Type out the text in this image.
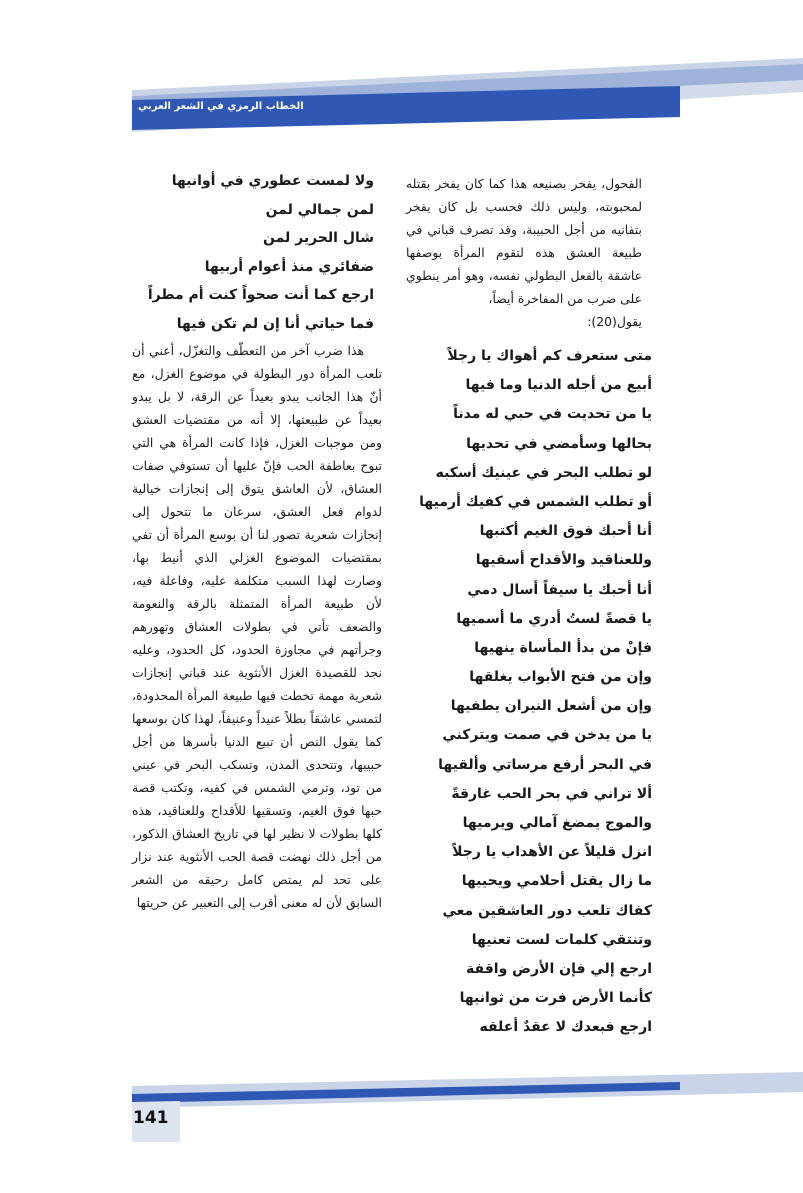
الخطاب الرمزي في الشعر العربي

الفحول، يفخر بصنيعه هذا كما كان يفخر بقتله لمحبوبته، وليس ذلك فحسب بل كان يفخر بتفانيه من أجل الحبيبة، وقد تصرف قباني في طبيعة العشق هذه لتقوم المرأة بوصفها عاشقة بالفعل البطولي نفسه، وهو أمر ينطوي على ضرب من المفاخرة أيضاً،

يقول(20):

متى ستعرف كم أهواك يا رجلاً
أبيع من أجله الدنيا وما فيها
يا من تحديت في حبي له مدناً
بحالها وسأمضي في تحديها
لو تطلب البحر في عينيك أسكبه
أو تطلب الشمس في كفيك أرميها
أنا أحبك فوق الغيم أكتبها
وللعناقيد والأقداح أسقيها
أنا أحبك يا سيفاً أسال دمي
يا قصةً لستُ أدري ما أسميها
فإنْ من بدأ المأساة ينهيها
وإن من فتح الأبواب يغلقها
وإن من أشعل النيران يطفيها
يا من يدخن في صمت ويتركني
في البحر أرفع مرساتي وألقيها
ألا تراني في بحر الحب غارقةً
والموج يمضغ آمالي ويرميها
انزل قليلاً عن الأهداب يا رجلاً
ما زال يقتل أحلامي ويحييها
كفاك تلعب دور العاشقين معي
وتنتقي كلمات لست تعنيها
ارجع إلي فإن الأرض واقفة
كأنما الأرض فرت من ثوانيها
ارجع فبعدك لا عقدٌ أعلقه
ولا لمست عطوري في أوانيها
لمن جمالي لمن
شال الحرير لمن
ضفائري منذ أعوام أربيها
ارجع كما أنت صحواً كنت أم مطراً
فما حياتي أنا إن لم تكن فيها

هذا ضرب آخر من التعطّف والتغزّل، أعني أن تلعب المرأة دور البطولة في موضوع الغزل، مع أنّ هذا الجانب يبدو بعيداً عن الرقة، لا بل يبدو بعيداً عن طبيعتها، إلا أنه من مقتضيات العشق ومن موجبات الغزل، فإذا كانت المرأة هي التي تبوح بعاطفة الحب فإنّ عليها أن تستوفي صفات العشاق، لأن العاشق يتوق إلى إنجازات خيالية لدوام فعل العشق، سرعان ما تتحول إلى إنجازات شعرية تصور لنا أن بوسع المرأة أن تفي بمقتضيات الموضوع الغزلي الذي أنيط بها، وصارت لهذا السبب متكلمة عليه، وفاعلة فيه، لأن طبيعة المرأة المتمثلة بالرقة والنعومة والضعف تأتي في بطولات العشاق وتهورهم وجرأتهم في مجاوزة الحدود، كل الحدود، وعليه نجد للقصيدة الغزل الأنثوية عند قباني إنجازات شعرية مهمة تخطت فيها طبيعة المرأة المحدودة، لتمسي عاشقاً بطلاً عنيداً وعنيفاً، لهذا كان بوسعها كما يقول النص أن تبيع الدنيا بأسرها من أجل حبيبها، وتتحدى المدن، وتسكب البحر في عيني من تود، وترمي الشمس في كفيه، وتكتب قصة حبها فوق الغيم، وتسقيها للأقداح وللعناقيد، هذه كلها بطولات لا نظير لها في تاريخ العشاق الذكور، من أجل ذلك نهضت قصة الحب الأنثوية عند نزار على تحد لم يمتص كامل رحيقه من الشعر السابق لأن له معنى أقرب إلى التعبير عن حريتها

141
